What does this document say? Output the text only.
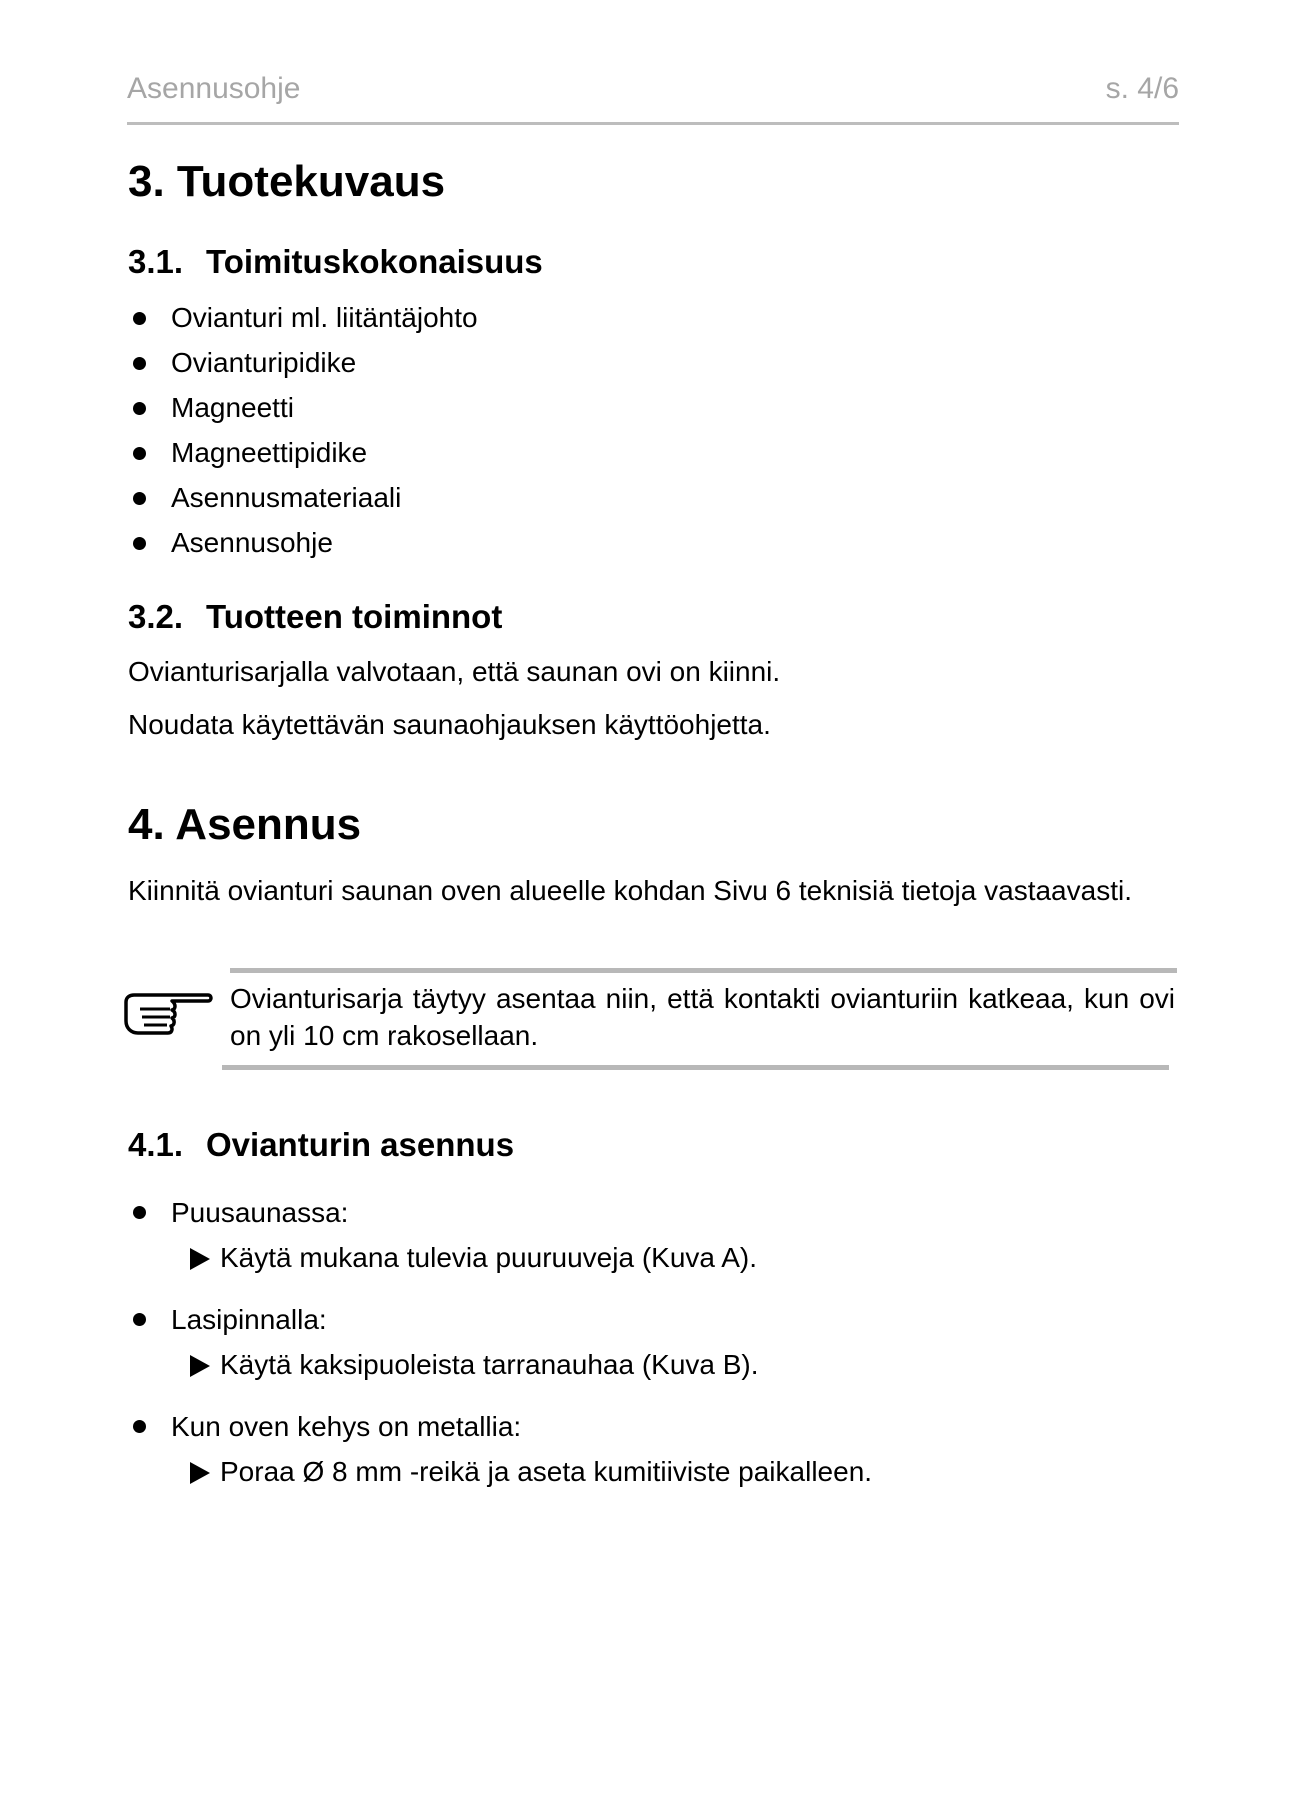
Asennusohje	s. 4/6
3. Tuotekuvaus
3.1. Toimituskokonaisuus
Ovianturi ml. liitäntäjohto
Ovianturipidike
Magneetti
Magneettipidike
Asennusmateriaali
Asennusohje
3.2. Tuotteen toiminnot

Ovianturisarjalla valvotaan, että saunan ovi on kiinni.

Noudata käytettävän saunaohjauksen käyttöohjetta.

4. Asennus

Kiinnitä ovianturi saunan oven alueelle kohdan Sivu 6 teknisiä tietoja vastaavasti.

Ovianturisarja täytyy asentaa niin, että kontakti ovianturiin katkeaa, kun ovi on yli 10 cm rakosellaan.
4.1. Ovianturin asennus
Puusaunassa:
Käytä mukana tulevia puuruuveja (Kuva A).
Lasipinnalla:
Käytä kaksipuoleista tarranauhaa (Kuva B).
Kun oven kehys on metallia:
Poraa Ø 8 mm -reikä ja aseta kumitiiviste paikalleen.
